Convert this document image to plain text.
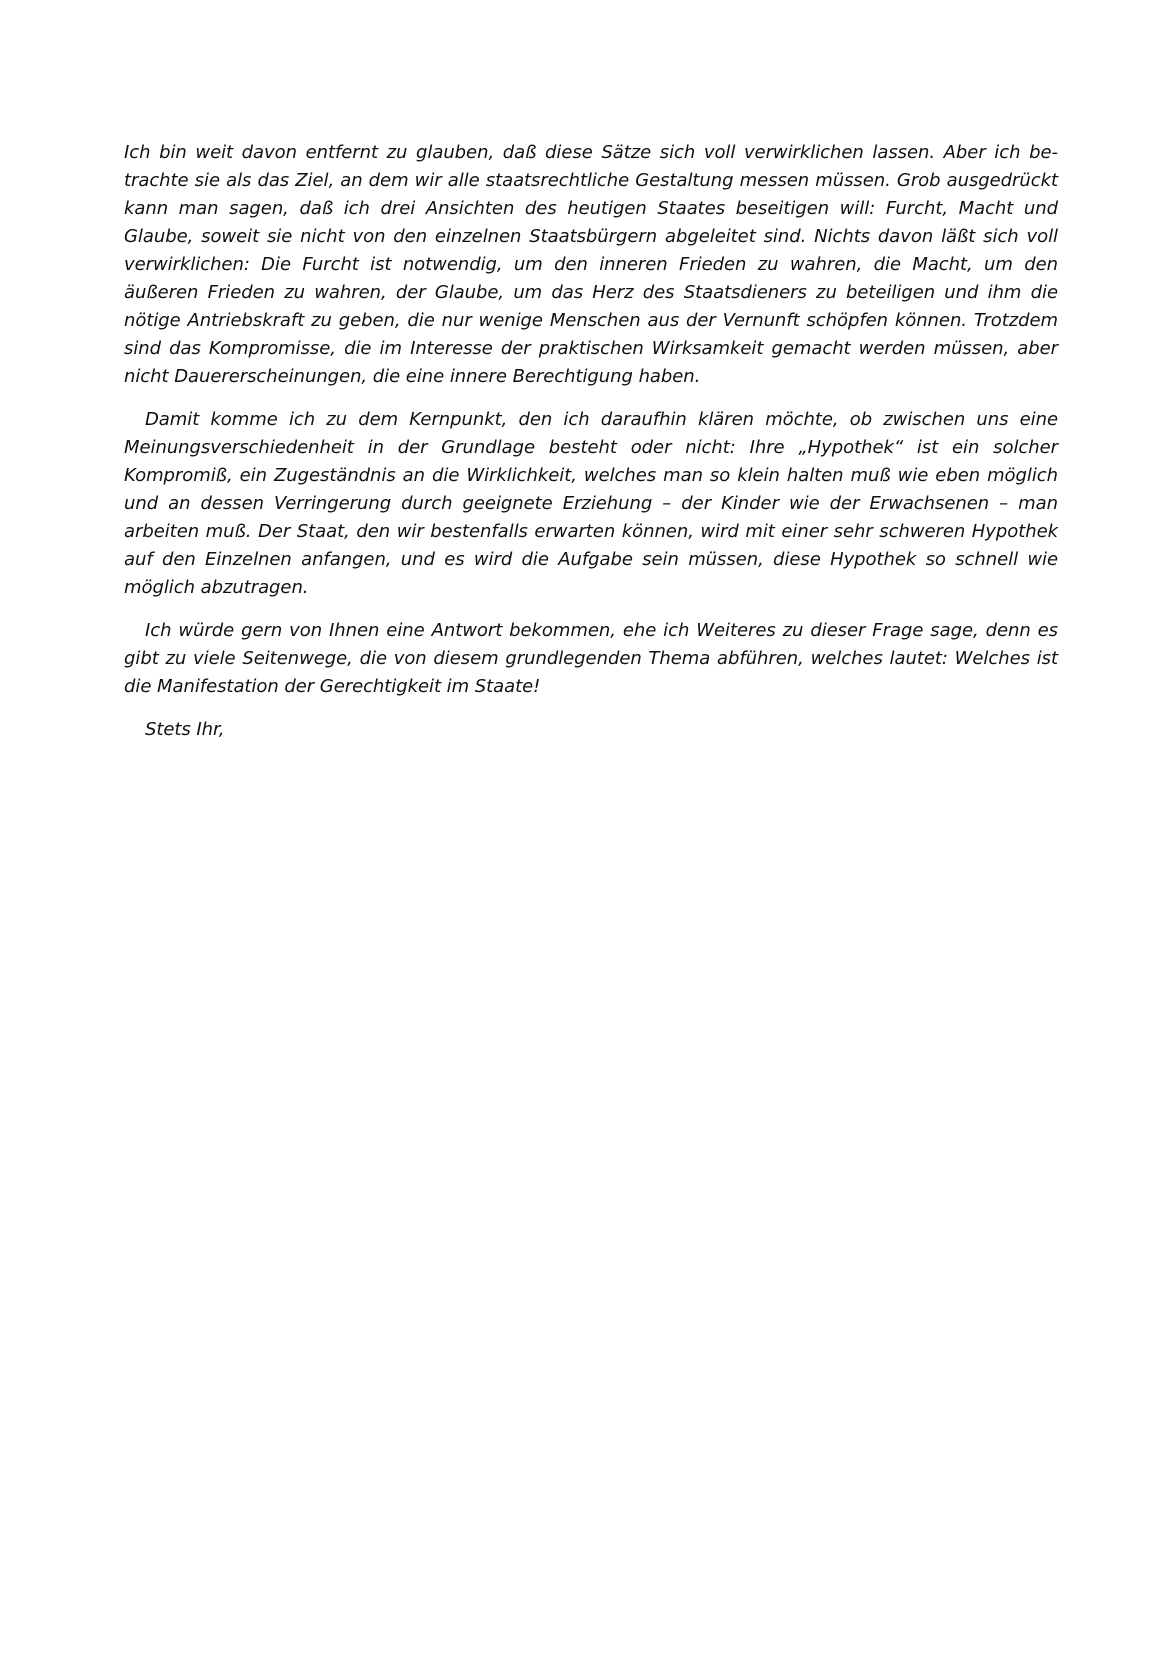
Ich bin weit davon entfernt zu glauben, daß diese Sätze sich voll verwirklichen lassen. Aber ich betrachte sie als das Ziel, an dem wir alle staatsrechtliche Gestaltung messen müssen. Grob ausgedrückt kann man sagen, daß ich drei Ansichten des heutigen Staates beseitigen will: Furcht, Macht und Glaube, soweit sie nicht von den einzelnen Staatsbürgern abgeleitet sind. Nichts davon läßt sich voll verwirklichen: Die Furcht ist notwendig, um den inneren Frieden zu wahren, die Macht, um den äußeren Frieden zu wahren, der Glaube, um das Herz des Staatsdieners zu beteiligen und ihm die nötige Antriebskraft zu geben, die nur wenige Menschen aus der Vernunft schöpfen können. Trotzdem sind das Kompromisse, die im Interesse der praktischen Wirksamkeit gemacht werden müssen, aber nicht Dauererscheinungen, die eine innere Berechtigung haben.

Damit komme ich zu dem Kernpunkt, den ich daraufhin klären möchte, ob zwischen uns eine Meinungsverschiedenheit in der Grundlage besteht oder nicht: Ihre „Hypothek“ ist ein solcher Kompromiß, ein Zugeständnis an die Wirklichkeit, welches man so klein halten muß wie eben möglich und an dessen Verringerung durch geeignete Erziehung – der Kinder wie der Erwachsenen – man arbeiten muß. Der Staat, den wir bestenfalls erwarten können, wird mit einer sehr schweren Hypothek auf den Einzelnen anfangen, und es wird die Aufgabe sein müssen, diese Hypothek so schnell wie möglich abzutragen.

Ich würde gern von Ihnen eine Antwort bekommen, ehe ich Weiteres zu dieser Frage sage, denn es gibt zu viele Seitenwege, die von diesem grundlegenden Thema abführen, welches lautet: Welches ist die Manifestation der Gerechtigkeit im Staate!

Stets Ihr,
